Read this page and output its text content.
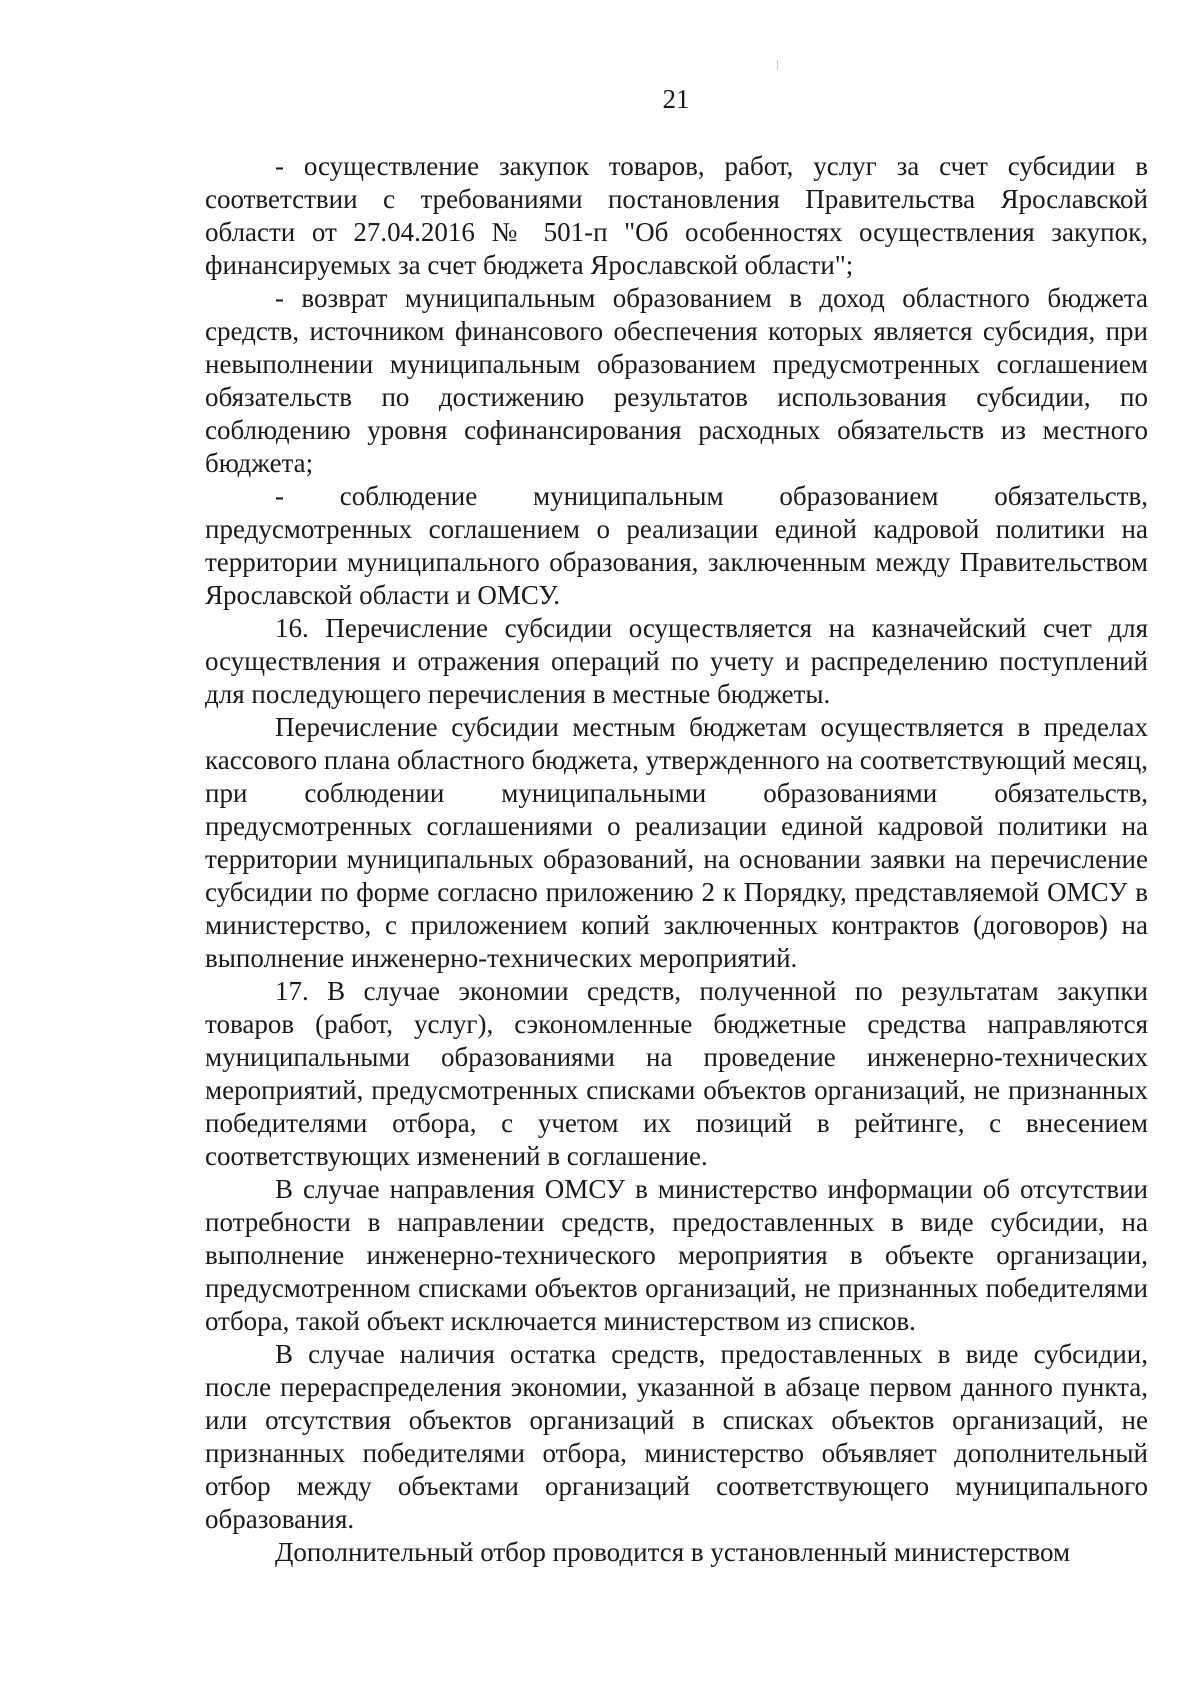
21

- осуществление закупок товаров, работ, услуг за счет субсидии в соответствии с требованиями постановления Правительства Ярославской области от 27.04.2016 № 501-п "Об особенностях осуществления закупок, финансируемых за счет бюджета Ярославской области";

- возврат муниципальным образованием в доход областного бюджета средств, источником финансового обеспечения которых является субсидия, при невыполнении муниципальным образованием предусмотренных соглашением обязательств по достижению результатов использования субсидии, по соблюдению уровня софинансирования расходных обязательств из местного бюджета;

- соблюдение муниципальным образованием обязательств, предусмотренных соглашением о реализации единой кадровой политики на территории муниципального образования, заключенным между Правительством Ярославской области и ОМСУ.

16. Перечисление субсидии осуществляется на казначейский счет для осуществления и отражения операций по учету и распределению поступлений для последующего перечисления в местные бюджеты.

Перечисление субсидии местным бюджетам осуществляется в пределах кассового плана областного бюджета, утвержденного на соответствующий месяц, при соблюдении муниципальными образованиями обязательств, предусмотренных соглашениями о реализации единой кадровой политики на территории муниципальных образований, на основании заявки на перечисление субсидии по форме согласно приложению 2 к Порядку, представляемой ОМСУ в министерство, с приложением копий заключенных контрактов (договоров) на выполнение инженерно-технических мероприятий.

17. В случае экономии средств, полученной по результатам закупки товаров (работ, услуг), сэкономленные бюджетные средства направляются муниципальными образованиями на проведение инженерно-технических мероприятий, предусмотренных списками объектов организаций, не признанных победителями отбора, с учетом их позиций в рейтинге, с внесением соответствующих изменений в соглашение.

В случае направления ОМСУ в министерство информации об отсутствии потребности в направлении средств, предоставленных в виде субсидии, на выполнение инженерно-технического мероприятия в объекте организации, предусмотренном списками объектов организаций, не признанных победителями отбора, такой объект исключается министерством из списков.

В случае наличия остатка средств, предоставленных в виде субсидии, после перераспределения экономии, указанной в абзаце первом данного пункта, или отсутствия объектов организаций в списках объектов организаций, не признанных победителями отбора, министерство объявляет дополнительный отбор между объектами организаций соответствующего муниципального образования.

Дополнительный отбор проводится в установленный министерством
